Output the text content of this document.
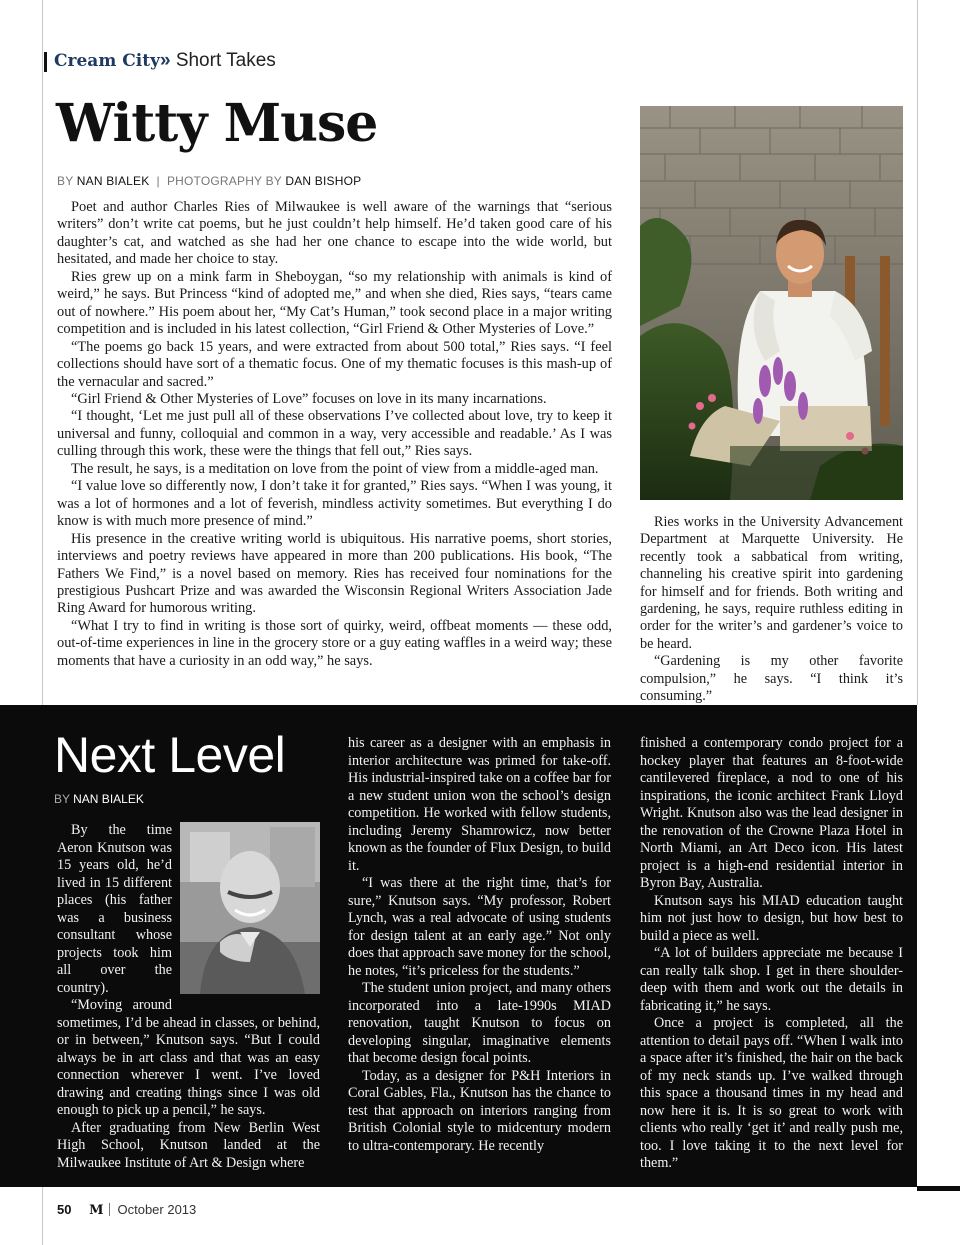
Cream City» Short Takes
Witty Muse
BY NAN BIALEK | PHOTOGRAPHY BY DAN BISHOP

Poet and author Charles Ries of Milwaukee is well aware of the warnings that “serious writers” don’t write cat poems, but he just couldn’t help himself. He’d taken good care of his daughter’s cat, and watched as she had her one chance to escape into the wide world, but hesitated, and made her choice to stay.

Ries grew up on a mink farm in Sheboygan, “so my relationship with animals is kind of weird,” he says. But Princess “kind of adopted me,” and when she died, Ries says, “tears came out of nowhere.” His poem about her, “My Cat’s Human,” took second place in a major writing competition and is included in his latest collection, “Girl Friend & Other Mysteries of Love.”

“The poems go back 15 years, and were extracted from about 500 total,” Ries says. “I feel collections should have sort of a thematic focus. One of my thematic focuses is this mash-up of the vernacular and sacred.”

“Girl Friend & Other Mysteries of Love” focuses on love in its many incarnations.

“I thought, ‘Let me just pull all of these observations I’ve collected about love, try to keep it universal and funny, colloquial and common in a way, very accessible and readable.’ As I was culling through this work, these were the things that fell out,” Ries says.

The result, he says, is a meditation on love from the point of view from a middle-aged man.

“I value love so differently now, I don’t take it for granted,” Ries says. “When I was young, it was a lot of hormones and a lot of feverish, mindless activity sometimes. But everything I do know is with much more presence of mind.”

His presence in the creative writing world is ubiquitous. His narrative poems, short stories, interviews and poetry reviews have appeared in more than 200 publications. His book, “The Fathers We Find,” is a novel based on memory. Ries has received four nominations for the prestigious Pushcart Prize and was awarded the Wisconsin Regional Writers Association Jade Ring Award for humorous writing.

“What I try to find in writing is those sort of quirky, weird, offbeat moments — these odd, out-of-time experiences in line in the grocery store or a guy eating waffles in a weird way; these moments that have a curiosity in an odd way,” he says.

Ries works in the University Advancement Department at Marquette University. He recently took a sabbatical from writing, channeling his creative spirit into gardening for himself and for friends. Both writing and gardening, he says, require ruthless editing in order for the writer’s and gardener’s voice to be heard.

“Gardening is my other favorite compulsion,” he says. “I think it’s consuming.”

Next Level
BY NAN BIALEK

By the time Aeron Knutson was 15 years old, he’d lived in 15 different places (his father was a business consultant whose projects took him all over the country).

“Moving around sometimes, I’d be ahead in classes, or behind, or in between,” Knutson says. “But I could always be in art class and that was an easy connection wherever I went. I’ve loved drawing and creating things since I was old enough to pick up a pencil,” he says.

After graduating from New Berlin West High School, Knutson landed at the Milwaukee Institute of Art & Design where

his career as a designer with an emphasis in interior architecture was primed for take-off. His industrial-inspired take on a coffee bar for a new student union won the school’s design competition. He worked with fellow students, including Jeremy Shamrowicz, now better known as the founder of Flux Design, to build it.

“I was there at the right time, that’s for sure,” Knutson says. “My professor, Robert Lynch, was a real advocate of using students for design talent at an early age.” Not only does that approach save money for the school, he notes, “it’s priceless for the students.”

The student union project, and many others incorporated into a late-1990s MIAD renovation, taught Knutson to focus on developing singular, imaginative elements that become design focal points.

Today, as a designer for P&H Interiors in Coral Gables, Fla., Knutson has the chance to test that approach on interiors ranging from British Colonial style to midcentury modern to ultra-contemporary. He recently

finished a contemporary condo project for a hockey player that features an 8-foot-wide cantilevered fireplace, a nod to one of his inspirations, the iconic architect Frank Lloyd Wright. Knutson also was the lead designer in the renovation of the Crowne Plaza Hotel in North Miami, an Art Deco icon. His latest project is a high-end residential interior in Byron Bay, Australia.

Knutson says his MIAD education taught him not just how to design, but how best to build a piece as well.

“A lot of builders appreciate me because I can really talk shop. I get in there shoulder-deep with them and work out the details in fabricating it,” he says.

Once a project is completed, all the attention to detail pays off. “When I walk into a space after it’s finished, the hair on the back of my neck stands up. I’ve walked through this space a thousand times in my head and now here it is. It is so great to work with clients who really ‘get it’ and really push me, too. I love taking it to the next level for them.”

50 M October 2013
